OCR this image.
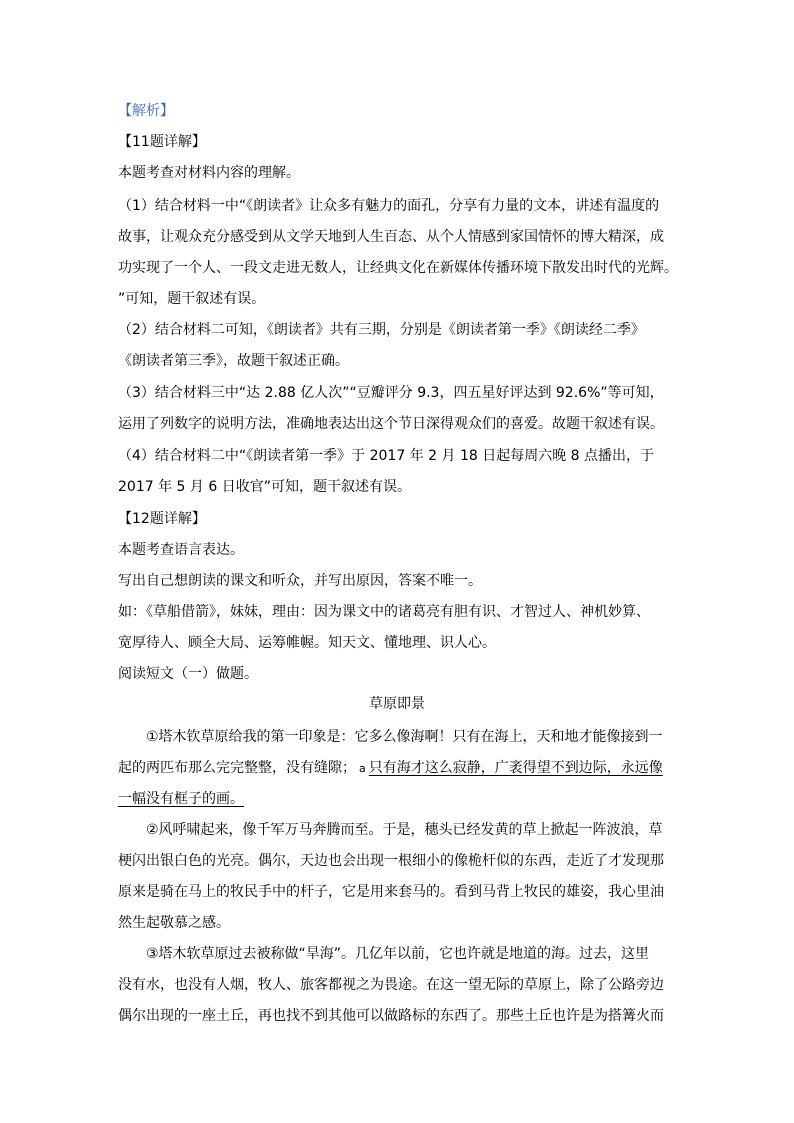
【解析】
【11题详解】
本题考查对材料内容的理解。
（1）结合材料一中“《朗读者》让众多有魅力的面孔，分享有力量的文本，讲述有温度的
故事，让观众充分感受到从文学天地到人生百态、从个人情感到家国情怀的博大精深，成
功实现了一个人、一段文走进无数人，让经典文化在新媒体传播环境下散发出时代的光辉。
”可知，题干叙述有误。
（2）结合材料二可知，《朗读者》共有三期，分别是《朗读者第一季》《朗读经二季》
《朗读者第三季》，故题干叙述正确。
（3）结合材料三中“达 2.88 亿人次”“豆瓣评分 9.3，四五星好评达到 92.6%”等可知，
运用了列数字的说明方法，准确地表达出这个节日深得观众们的喜爱。故题干叙述有误。
（4）结合材料二中“《朗读者第一季》于 2017 年 2 月 18 日起每周六晚 8 点播出，于
2017 年 5 月 6 日收官”可知，题干叙述有误。
【12题详解】
本题考查语言表达。
写出自己想朗读的课文和听众，并写出原因，答案不唯一。
如：《草船借箭》，妹妹，理由：因为课文中的诸葛亮有胆有识、才智过人、神机妙算、
宽厚待人、顾全大局、运筹帷幄。知天文、懂地理、识人心。
阅读短文（一）做题。
草原即景
①塔木钦草原给我的第一印象是：它多么像海啊！只有在海上，天和地才能像接到一
起的两匹布那么完完整整，没有缝隙； a 只有海才这么寂静，广袤得望不到边际，永远像
一幅没有框子的画。
②风呼啸起来，像千军万马奔腾而至。于是，穗头已经发黄的草上掀起一阵波浪，草
梗闪出银白色的光亮。偶尔，天边也会出现一根细小的像桅杆似的东西，走近了才发现那
原来是骑在马上的牧民手中的杆子，它是用来套马的。看到马背上牧民的雄姿，我心里油
然生起敬慕之感。
③塔木软草原过去被称做“旱海”。几亿年以前，它也许就是地道的海。过去，这里
没有水，也没有人烟，牧人、旅客都视之为畏途。在这一望无际的草原上，除了公路旁边
偶尔出现的一座土丘，再也找不到其他可以做路标的东西了。那些土丘也许是为搭篝火而
